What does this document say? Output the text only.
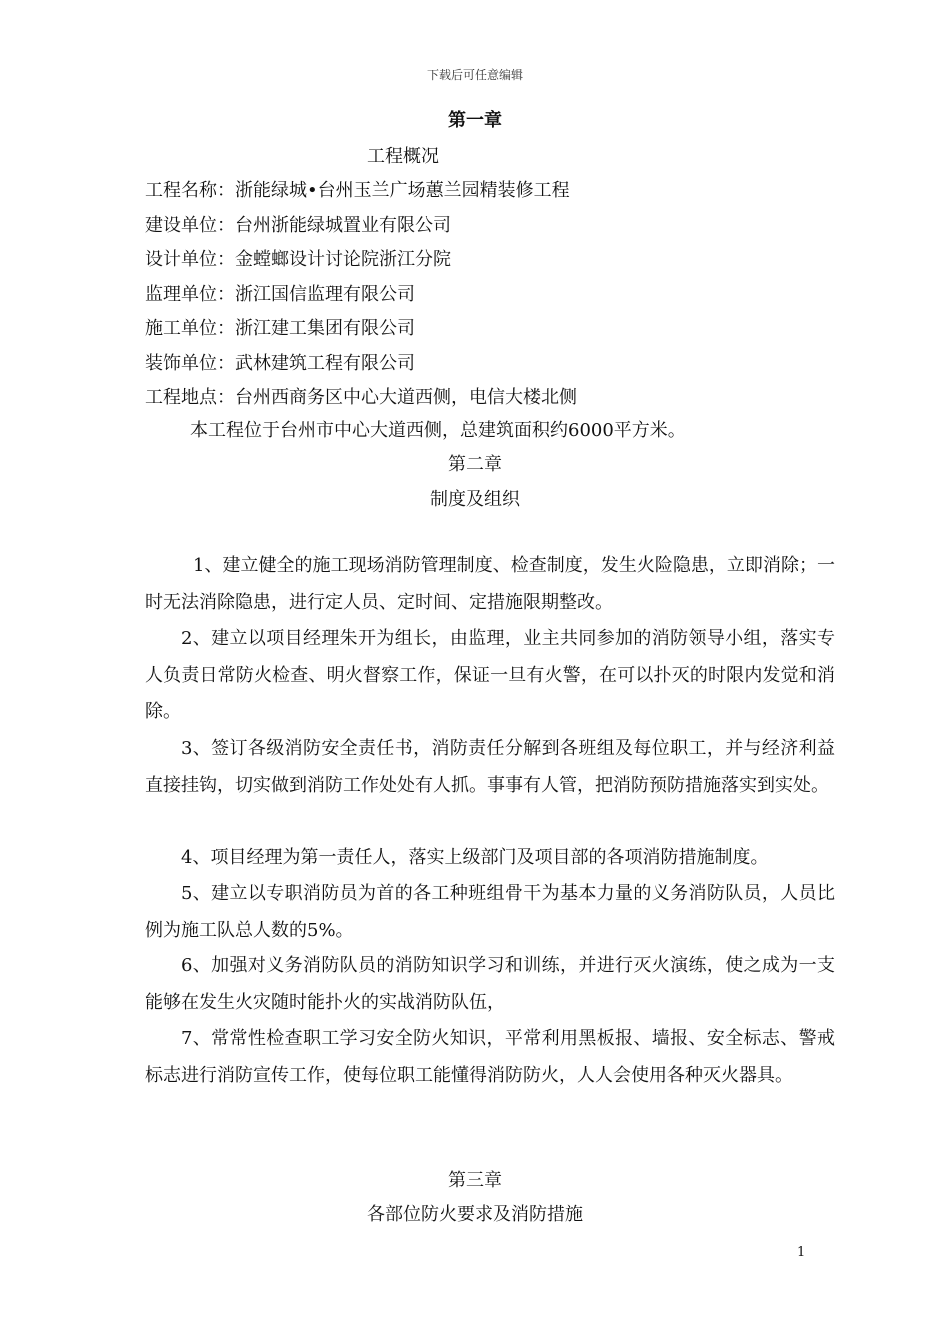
下载后可任意编辑
第一章
工程概况
工程名称：浙能绿城•台州玉兰广场蕙兰园精装修工程
建设单位：台州浙能绿城置业有限公司
设计单位：金螳螂设计讨论院浙江分院
监理单位：浙江国信监理有限公司
施工单位：浙江建工集团有限公司
装饰单位：武林建筑工程有限公司
工程地点：台州西商务区中心大道西侧，电信大楼北侧
本工程位于台州市中心大道西侧，总建筑面积约6000平方米。
第二章
制度及组织

1、建立健全的施工现场消防管理制度、检查制度，发生火险隐患，立即消除；一时无法消除隐患，进行定人员、定时间、定措施限期整改。

2、建立以项目经理朱开为组长，由监理，业主共同参加的消防领导小组，落实专人负责日常防火检查、明火督察工作，保证一旦有火警，在可以扑灭的时限内发觉和消除。

3、签订各级消防安全责任书，消防责任分解到各班组及每位职工，并与经济利益直接挂钩，切实做到消防工作处处有人抓。事事有人管，把消防预防措施落实到实处。

4、项目经理为第一责任人，落实上级部门及项目部的各项消防措施制度。

5、建立以专职消防员为首的各工种班组骨干为基本力量的义务消防队员，人员比例为施工队总人数的5%。

6、加强对义务消防队员的消防知识学习和训练，并进行灭火演练，使之成为一支能够在发生火灾随时能扑火的实战消防队伍，

7、常常性检查职工学习安全防火知识，平常利用黑板报、墙报、安全标志、警戒标志进行消防宣传工作，使每位职工能懂得消防防火，人人会使用各种灭火器具。

第三章
各部位防火要求及消防措施
1
